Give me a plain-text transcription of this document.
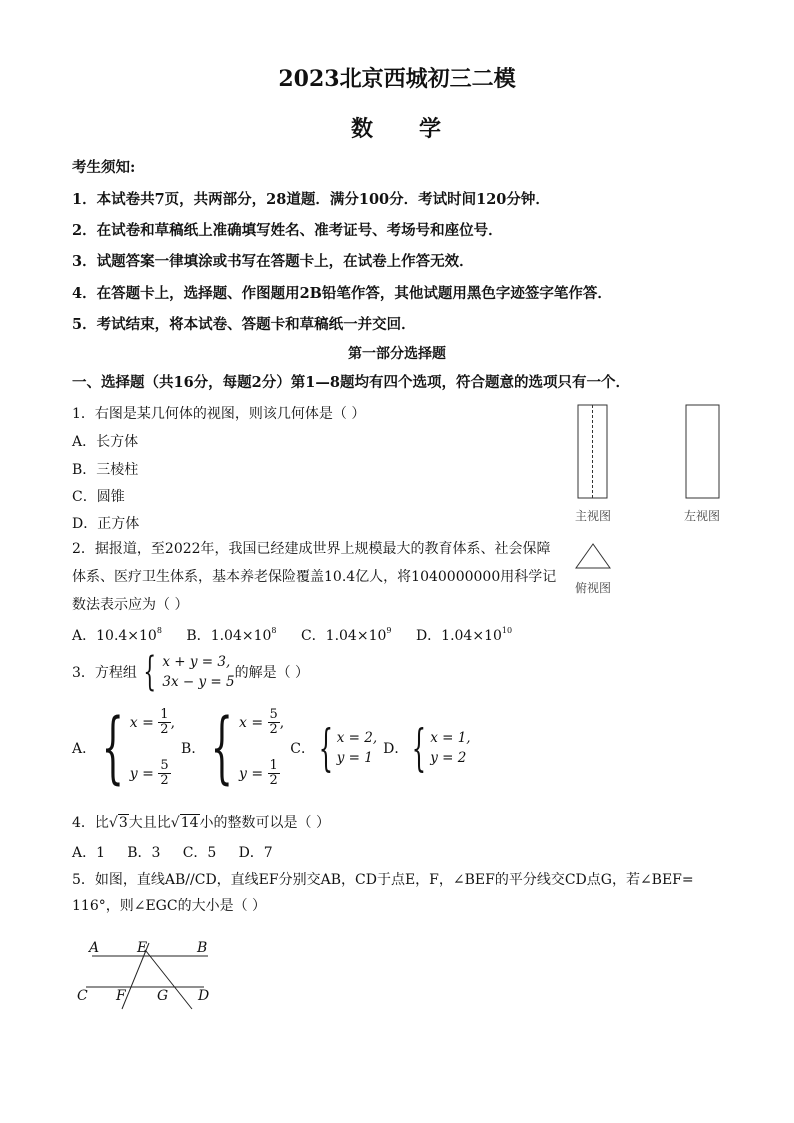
2023北京西城初三二模
数 学
考生须知:
1．本试卷共7页，共两部分，28道题．满分100分．考试时间120分钟．
2．在试卷和草稿纸上准确填写姓名、准考证号、考场号和座位号．
3．试题答案一律填涂或书写在答题卡上，在试卷上作答无效．
4．在答题卡上，选择题、作图题用2B铅笔作答，其他试题用黑色字迹签字笔作答．
5．考试结束，将本试卷、答题卡和草稿纸一并交回．
第一部分选择题
一、选择题（共16分，每题2分）第1—8题均有四个选项，符合题意的选项只有一个．
1．右图是某几何体的视图，则该几何体是（ ）
A．长方体
B．三棱柱
C．圆锥
D．正方体	主视图	左视图
俯视图
2．据报道，至2022年，我国已经建成世界上规模最大的教育体系、社会保障体系、医疗卫生体系，基本养老保险覆盖10.4亿人，将1040000000用科学记数法表示应为（ ）
A．$10.4\times 10^8$ B．$1.04\times 10^8$ C．$1.04\times 10^9$ D．$1.04\times 10^{10}$
3．方程组 { x + y = 3,
3x − y = 5
的解是（ ）
A． { x =
$\frac{1}{2}$ ,
y =
$\frac{5}{2}$
B． { x =
$\frac{5}{2}$ ,
y =
$\frac{1}{2}$
C． { x = 2,
y = 1
D． { x = 1,
y = 2
4．比√3大且比√14小的整数可以是（ ）
A．1     B．3     C．5     D．7
5．如图，直线AB//CD，直线EF分别交AB，CD于点E，F，∠BEF的平分线交CD点G，若∠BEF=
116°，则∠EGC的大小是（ ）
A	E	B
C F G D
